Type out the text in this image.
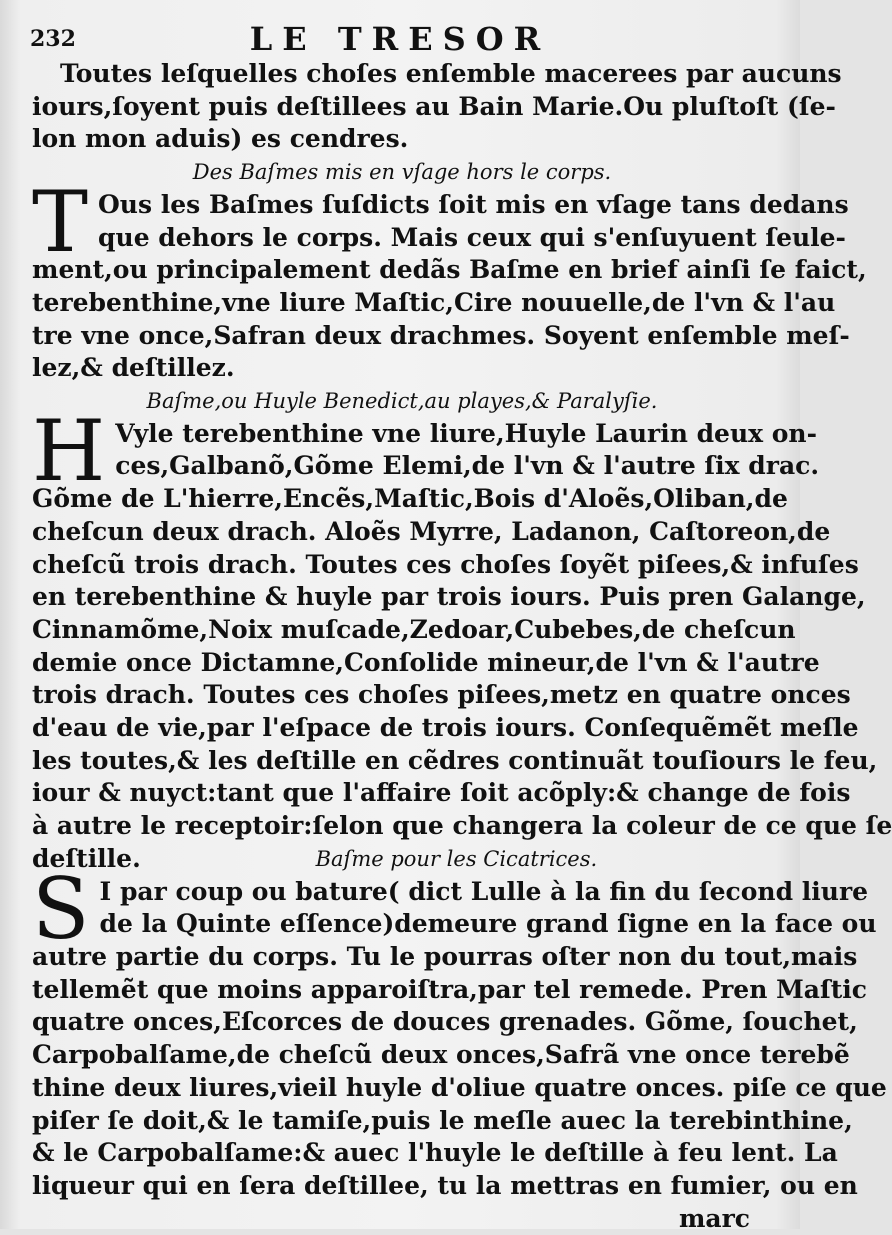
232	LE TRESOR
Toutes leſquelles choſes enſemble macerees par aucuns
iours,ſoyent puis deſtillees au Bain Marie.Ou pluſtoſt (ſe-
lon mon aduis) es cendres.
Des Baſmes mis en vſage hors le corps.
T Ous les Baſmes ſuſdicts ſoit mis en vſage tans dedans
que dehors le corps. Mais ceux qui s'enſuyuent ſeule-
ment,ou principalement dedãs Baſme en brief ainſi ſe faict,
terebenthine,vne liure Maſtic,Cire nouuelle,de l'vn & l'au
tre vne once,Safran deux drachmes. Soyent enſemble meſ-
lez,& deſtillez.
Baſme,ou Huyle Benedict,au playes,& Paralyſie.
H Vyle terebenthine vne liure,Huyle Laurin deux on-
ces,Galbanõ,Gõme Elemi,de l'vn & l'autre ſix drac.
Gõme de L'hierre,Encẽs,Maſtic,Bois d'Aloẽs,Oliban,de
cheſcun deux drach. Aloẽs Myrre, Ladanon, Caſtoreon,de
cheſcũ trois drach. Toutes ces choſes ſoyẽt piſees,& infuſes
en terebenthine & huyle par trois iours. Puis pren Galange,
Cinnamõme,Noix muſcade,Zedoar,Cubebes,de cheſcun
demie once Dictamne,Conſolide mineur,de l'vn & l'autre
trois drach. Toutes ces choſes piſees,metz en quatre onces
d'eau de vie,par l'eſpace de trois iours. Conſequẽmẽt meſle
les toutes,& les deſtille en cẽdres continuãt touſiours le feu,
iour & nuyct:tant que l'affaire ſoit acõply:& change de fois
à autre le receptoir:ſelon que changera la coleur de ce que ſe
deſtille.	Baſme pour les Cicatrices.
S I par coup ou bature( dict Lulle à la fin du ſecond liure
de la Quinte eſſence)demeure grand ſigne en la face ou
autre partie du corps. Tu le pourras oſter non du tout,mais
tellemẽt que moins apparoiſtra,par tel remede. Pren Maſtic
quatre onces,Eſcorces de douces grenades. Gõme, ſouchet,
Carpobalſame,de cheſcũ deux onces,Safrã vne once terebẽ
thine deux liures,vieil huyle d'oliue quatre onces. piſe ce que
piſer ſe doit,& le tamiſe,puis le meſle auec la terebinthine,
& le Carpobalſame:& auec l'huyle le deſtille à feu lent. La
liqueur qui en ſera deſtillee, tu la mettras en fumier, ou en
marc
